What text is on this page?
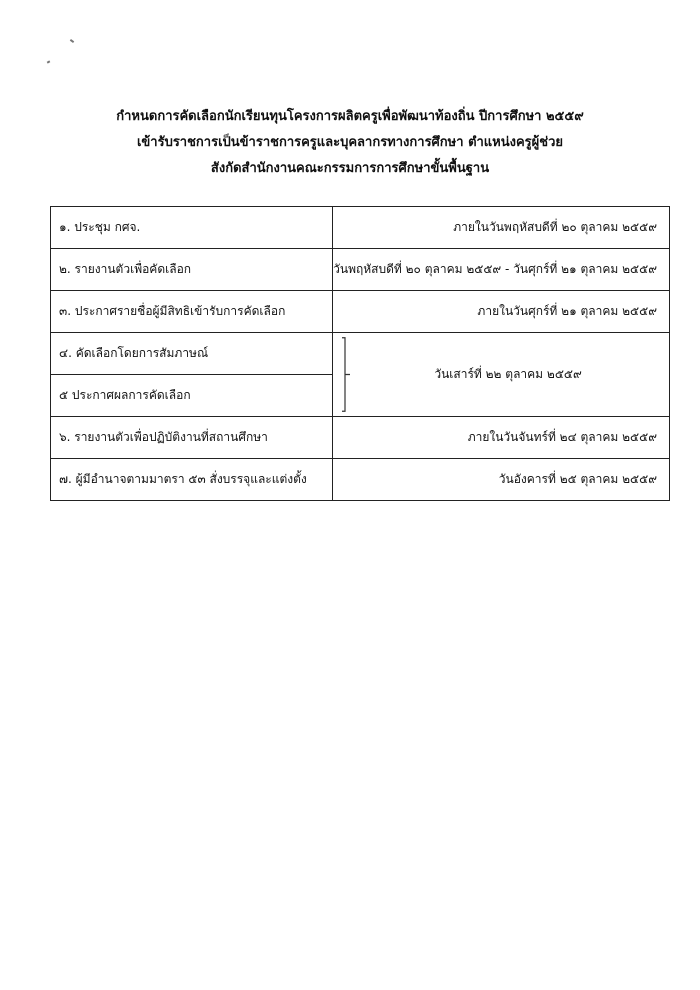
กำหนดการคัดเลือกนักเรียนทุนโครงการผลิตครูเพื่อพัฒนาท้องถิ่น ปีการศึกษา ๒๕๕๙
เข้ารับราชการเป็นข้าราชการครูและบุคลากรทางการศึกษา ตำแหน่งครูผู้ช่วย
สังกัดสำนักงานคณะกรรมการการศึกษาขั้นพื้นฐาน
๑. ประชุม กศจ.	ภายในวันพฤหัสบดีที่ ๒๐ ตุลาคม ๒๕๕๙
๒. รายงานตัวเพื่อคัดเลือก	วันพฤหัสบดีที่ ๒๐ ตุลาคม ๒๕๕๙ - วันศุกร์ที่ ๒๑ ตุลาคม ๒๕๕๙
๓. ประกาศรายชื่อผู้มีสิทธิเข้ารับการคัดเลือก	ภายในวันศุกร์ที่ ๒๑ ตุลาคม ๒๕๕๙
๔. คัดเลือกโดยการสัมภาษณ์	วันเสาร์ที่ ๒๒ ตุลาคม ๒๕๕๙
๕ ประกาศผลการคัดเลือก	
๖. รายงานตัวเพื่อปฏิบัติงานที่สถานศึกษา	ภายในวันจันทร์ที่ ๒๔ ตุลาคม ๒๕๕๙
๗. ผู้มีอำนาจตามมาตรา ๕๓ สั่งบรรจุและแต่งตั้ง	วันอังคารที่ ๒๕ ตุลาคม ๒๕๕๙
